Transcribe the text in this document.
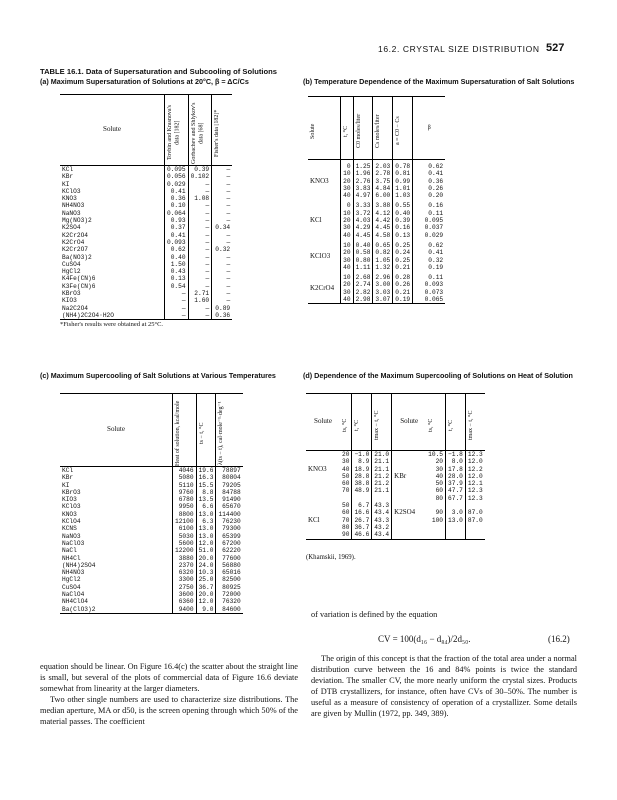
16.2. CRYSTAL SIZE DISTRIBUTION 527
TABLE 16.1. Data of Supersaturation and Subcooling of Solutions
(a) Maximum Supersaturation of Solutions at 20°C, β = ΔC/Cs
Solute	Tovbin and Krasnova's data [182]	Gorbachev and Shlykov's data [68]	Fisher's data [182]*

KCl	0.095	0.39	—
KBr	0.056	0.102	—
KI	0.029	—	—
KClO3	0.41	—	—
KNO3	0.36	1.08	—
NH4NO3	0.10	—	—
NaNO3	0.064	—	—
Mg(NO3)2	0.93	—	—
K2SO4	0.37	—	0.34
K2Cr2O4	0.41	—	—
K2CrO4	0.093	—	—
K2Cr2O7	0.62	—	0.32
Ba(NO3)2	0.40	—	—
CuSO4	1.50	—	—
HgCl2	0.43	—	—
K4Fe(CN)6	0.13	—	—
K3Fe(CN)6	0.54	—	—
KBrO3	—	2.71	—
KIO3	—	1.60	—
Na2C2O4	—	—	0.89
(NH4)2C2O4·H2O	—	—	0.36
*Fisher's results were obtained at 25°C.
(b) Temperature Dependence of the Maximum Supersaturation of Salt Solutions
Solute	t, °C	C0 moles/liter	Cs moles/liter	a = C0 − Cs	β

KNO3	0	1.25	2.03	0.78	0.62
	10	1.96	2.78	0.81	0.41
	20	2.76	3.75	0.99	0.36
	30	3.83	4.84	1.01	0.26
	40	4.97	6.00	1.03	0.20

KCl	0	3.33	3.88	0.55	0.16
	10	3.72	4.12	0.40	0.11
	20	4.03	4.42	0.39	0.095
	30	4.29	4.45	0.16	0.037
	40	4.45	4.58	0.13	0.029

KClO3	10	0.40	0.65	0.25	0.62
	20	0.58	0.82	0.24	0.41
	30	0.80	1.05	0.25	0.32
	40	1.11	1.32	0.21	0.19

K2CrO4	10	2.68	2.96	0.28	0.11
	20	2.74	3.00	0.26	0.093
	30	2.82	3.03	0.21	0.073
	40	2.98	3.07	0.19	0.065
(c) Maximum Supercooling of Salt Solutions at Various Temperatures
Solute	Heat of solution, kcal/mole	ts − t, °C	λ(ts − t), cal·mole⁻¹·deg⁻¹

KCl	4046	19.6	78897
KBr	5080	16.3	80804
KI	5110	15.5	79205
KBrO3	9760	8.8	84788
KIO3	6780	13.5	91490
KClO3	9950	6.6	65670
KNO3	8800	13.0	114400
KClO4	12100	6.3	76230
KCNS	6100	13.0	79300
NaNO3	5030	13.0	65399
NaClO3	5600	12.0	67200
NaCl	12200	51.0	62220
NH4Cl	3880	20.0	77600
(NH4)2SO4	2370	24.0	56880
NH4NO3	6320	10.3	65016
HgCl2	3300	25.0	82500
CuSO4	2750	36.7	80925
NaClO4	3600	20.0	72000
NH4ClO4	6360	12.0	76320
Ba(ClO3)2	9400	9.0	84600
(d) Dependence of the Maximum Supercooling of Solutions on Heat of Solution
Solute	ts, °C	t, °C	tmax − t, °C	Solute	ts, °C	t, °C	tmax − t, °C

	20	−1.0	21.0		10.5	−1.8	12.3
	30	8.9	21.1		20	8.0	12.0
KNO3	40	18.9	21.1		30	17.8	12.2
	50	28.8	21.2	KBr	40	28.0	12.0
	60	38.8	21.2		50	37.9	12.1
	70	48.9	21.1		60	47.7	12.3
					80	67.7	12.3
	50	6.7	43.3				
	60	16.6	43.4	K2SO4	90	3.0	87.0
KCl	70	26.7	43.3		100	13.0	87.0
	80	36.7	43.2				
	90	46.6	43.4				
(Khamskii, 1969).
of variation is defined by the equation
CV = 100(d₁₆ − d₈₄)/2d₅₀.	(16.2)
equation should be linear. On Figure 16.4(c) the scatter about the straight line is small, but several of the plots of commercial data of Figure 16.6 deviate somewhat from linearity at the larger diameters.
Two other single numbers are used to characterize size distributions. The median aperture, MA or d50, is the screen opening through which 50% of the material passes. The coefficient
The origin of this concept is that the fraction of the total area under a normal distribution curve between the 16 and 84% points is twice the standard deviation. The smaller CV, the more nearly uniform the crystal sizes. Products of DTB crystallizers, for instance, often have CVs of 30–50%. The number is useful as a measure of consistency of operation of a crystallizer. Some details are given by Mullin (1972, pp. 349, 389).
